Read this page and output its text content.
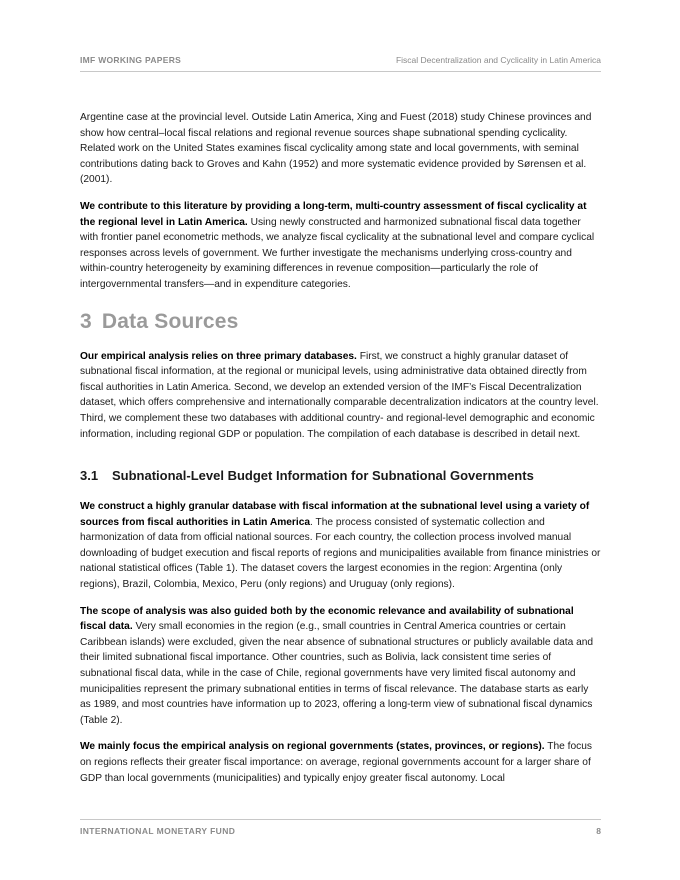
IMF WORKING PAPERS	Fiscal Decentralization and Cyclicality in Latin America

Argentine case at the provincial level. Outside Latin America, Xing and Fuest (2018) study Chinese provinces and show how central–local fiscal relations and regional revenue sources shape subnational spending cyclicality. Related work on the United States examines fiscal cyclicality among state and local governments, with seminal contributions dating back to Groves and Kahn (1952) and more systematic evidence provided by Sørensen et al. (2001).

We contribute to this literature by providing a long-term, multi-country assessment of fiscal cyclicality at the regional level in Latin America. Using newly constructed and harmonized subnational fiscal data together with frontier panel econometric methods, we analyze fiscal cyclicality at the subnational level and compare cyclical responses across levels of government. We further investigate the mechanisms underlying cross-country and within-country heterogeneity by examining differences in revenue composition—particularly the role of intergovernmental transfers—and in expenditure categories.

3 Data Sources

Our empirical analysis relies on three primary databases. First, we construct a highly granular dataset of subnational fiscal information, at the regional or municipal levels, using administrative data obtained directly from fiscal authorities in Latin America. Second, we develop an extended version of the IMF’s Fiscal Decentralization dataset, which offers comprehensive and internationally comparable decentralization indicators at the country level. Third, we complement these two databases with additional country- and regional-level demographic and economic information, including regional GDP or population. The compilation of each database is described in detail next.

3.1 Subnational-Level Budget Information for Subnational Governments

We construct a highly granular database with fiscal information at the subnational level using a variety of sources from fiscal authorities in Latin America. The process consisted of systematic collection and harmonization of data from official national sources. For each country, the collection process involved manual downloading of budget execution and fiscal reports of regions and municipalities available from finance ministries or national statistical offices (Table 1). The dataset covers the largest economies in the region: Argentina (only regions), Brazil, Colombia, Mexico, Peru (only regions) and Uruguay (only regions).

The scope of analysis was also guided both by the economic relevance and availability of subnational fiscal data. Very small economies in the region (e.g., small countries in Central America countries or certain Caribbean islands) were excluded, given the near absence of subnational structures or publicly available data and their limited subnational fiscal importance. Other countries, such as Bolivia, lack consistent time series of subnational fiscal data, while in the case of Chile, regional governments have very limited fiscal autonomy and municipalities represent the primary subnational entities in terms of fiscal relevance. The database starts as early as 1989, and most countries have information up to 2023, offering a long-term view of subnational fiscal dynamics (Table 2).

We mainly focus the empirical analysis on regional governments (states, provinces, or regions). The focus on regions reflects their greater fiscal importance: on average, regional governments account for a larger share of GDP than local governments (municipalities) and typically enjoy greater fiscal autonomy. Local

INTERNATIONAL MONETARY FUND	8
